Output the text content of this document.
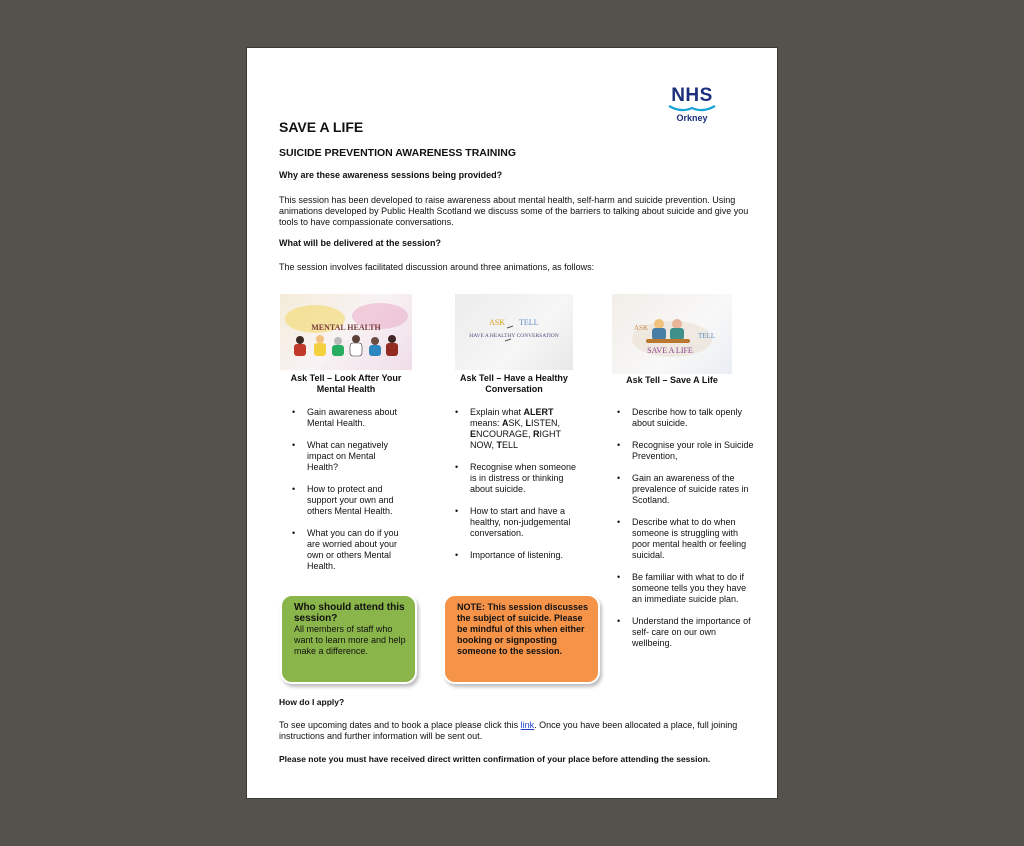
NHS
Orkney
SAVE A LIFE
SUICIDE PREVENTION AWARENESS TRAINING
Why are these awareness sessions being provided?
This session has been developed to raise awareness about mental health, self-harm and suicide prevention. Using animations developed by Public Health Scotland we discuss some of the barriers to talking about suicide and give you tools to have compassionate conversations.
What will be delivered at the session?
The session involves facilitated discussion around three animations, as follows:
MENTAL HEALTH
ASK TELL
HAVE A HEALTHY CONVERSATION
ASK
TELL
SAVE A LIFE
Ask Tell – Look After Your Mental Health
Ask Tell – Have a Healthy Conversation
Ask Tell – Save A Life
• Gain awareness about Mental Health.
• What can negatively impact on Mental Health?
• How to protect and support your own and others Mental Health.
• What you can do if you are worried about your own or others Mental Health.
• Explain what ALERT means: ASK, LISTEN, ENCOURAGE, RIGHT NOW, TELL
• Recognise when someone is in distress or thinking about suicide.
• How to start and have a healthy, non-judgemental conversation.
• Importance of listening.
• Describe how to talk openly about suicide.
• Recognise your role in Suicide Prevention,
• Gain an awareness of the prevalence of suicide rates in Scotland.
• Describe what to do when someone is struggling with poor mental health or feeling suicidal.
• Be familiar with what to do if someone tells you they have an immediate suicide plan.
• Understand the importance of self- care on our own wellbeing.
Who should attend this session?
All members of staff who want to learn more and help make a difference.
NOTE: This session discusses the subject of suicide. Please be mindful of this when either booking or signposting someone to the session.
How do I apply?
To see upcoming dates and to book a place please click this link. Once you have been allocated a place, full joining instructions and further information will be sent out.
Please note you must have received direct written confirmation of your place before attending the session.
